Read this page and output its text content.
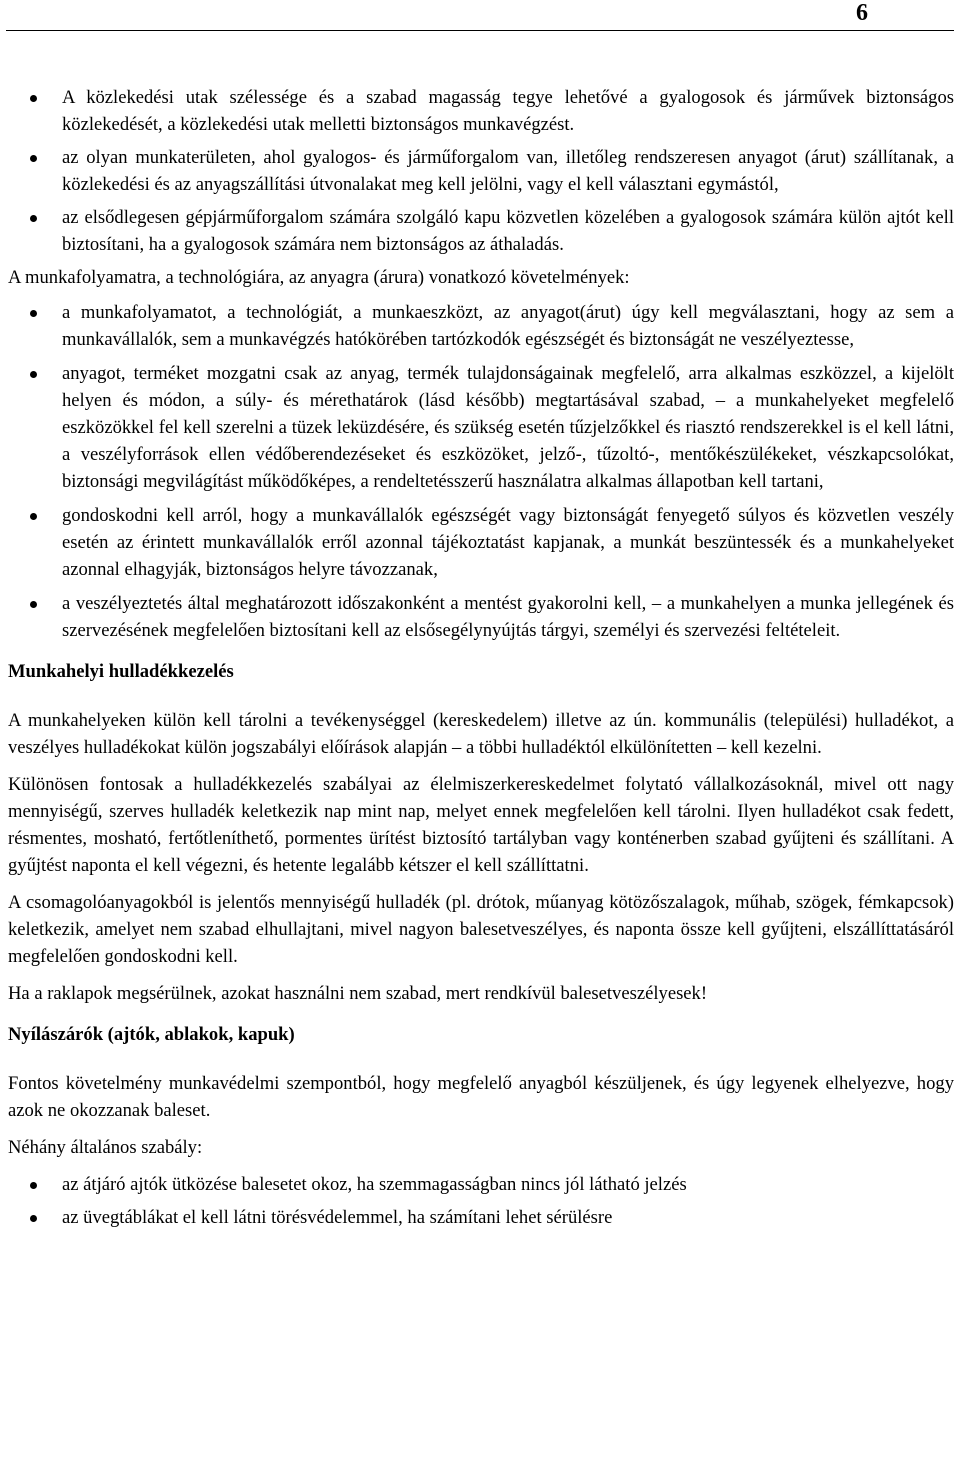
6
A közlekedési utak szélessége és a szabad magasság tegye lehetővé a gyalogosok és járművek biztonságos közlekedését, a közlekedési utak melletti biztonságos munkavégzést.
az olyan munkaterületen, ahol gyalogos- és járműforgalom van, illetőleg rendszeresen anyagot (árut) szállítanak, a közlekedési és az anyagszállítási útvonalakat meg kell jelölni, vagy el kell választani egymástól,
az elsődlegesen gépjárműforgalom számára szolgáló kapu közvetlen közelében a gyalogosok számára külön ajtót kell biztosítani, ha a gyalogosok számára nem biztonságos az áthaladás.

A munkafolyamatra, a technológiára, az anyagra (árura) vonatkozó követelmények:

a munkafolyamatot, a technológiát, a munkaeszközt, az anyagot(árut) úgy kell megválasztani, hogy az sem a munkavállalók, sem a munkavégzés hatókörében tartózkodók egészségét és biztonságát ne veszélyeztesse,
anyagot, terméket mozgatni csak az anyag, termék tulajdonságainak megfelelő, arra alkalmas eszközzel, a kijelölt helyen és módon, a súly- és mérethatárok (lásd később) megtartásával szabad, – a munkahelyeket megfelelő eszközökkel fel kell szerelni a tüzek leküzdésére, és szükség esetén tűzjelzőkkel és riasztó rendszerekkel is el kell látni, a veszélyforrások ellen védőberendezéseket és eszközöket, jelző-, tűzoltó-, mentőkészülékeket, vészkapcsolókat, biztonsági megvilágítást működőképes, a rendeltetésszerű használatra alkalmas állapotban kell tartani,
gondoskodni kell arról, hogy a munkavállalók egészségét vagy biztonságát fenyegető súlyos és közvetlen veszély esetén az érintett munkavállalók erről azonnal tájékoztatást kapjanak, a munkát beszüntessék és a munkahelyeket azonnal elhagyják, biztonságos helyre távozzanak,
a veszélyeztetés által meghatározott időszakonként a mentést gyakorolni kell, – a munkahelyen a munka jellegének és szervezésének megfelelően biztosítani kell az elsősegélynyújtás tárgyi, személyi és szervezési feltételeit.
Munkahelyi hulladékkezelés

A munkahelyeken külön kell tárolni a tevékenységgel (kereskedelem) illetve az ún. kommunális (települési) hulladékot, a veszélyes hulladékokat külön jogszabályi előírások alapján – a többi hulladéktól elkülönítetten – kell kezelni.

Különösen fontosak a hulladékkezelés szabályai az élelmiszerkereskedelmet folytató vállalkozásoknál, mivel ott nagy mennyiségű, szerves hulladék keletkezik nap mint nap, melyet ennek megfelelően kell tárolni. Ilyen hulladékot csak fedett, résmentes, mosható, fertőtleníthető, pormentes ürítést biztosító tartályban vagy konténerben szabad gyűjteni és szállítani. A gyűjtést naponta el kell végezni, és hetente legalább kétszer el kell szállíttatni.

A csomagolóanyagokból is jelentős mennyiségű hulladék (pl. drótok, műanyag kötözőszalagok, műhab, szögek, fémkapcsok) keletkezik, amelyet nem szabad elhullajtani, mivel nagyon balesetveszélyes, és naponta össze kell gyűjteni, elszállíttatásáról megfelelően gondoskodni kell.

Ha a raklapok megsérülnek, azokat használni nem szabad, mert rendkívül balesetveszélyesek!

Nyílászárók (ajtók, ablakok, kapuk)

Fontos követelmény munkavédelmi szempontból, hogy megfelelő anyagból készüljenek, és úgy legyenek elhelyezve, hogy azok ne okozzanak baleset.

Néhány általános szabály:

az átjáró ajtók ütközése balesetet okoz, ha szemmagasságban nincs jól látható jelzés
az üvegtáblákat el kell látni törésvédelemmel, ha számítani lehet sérülésre
